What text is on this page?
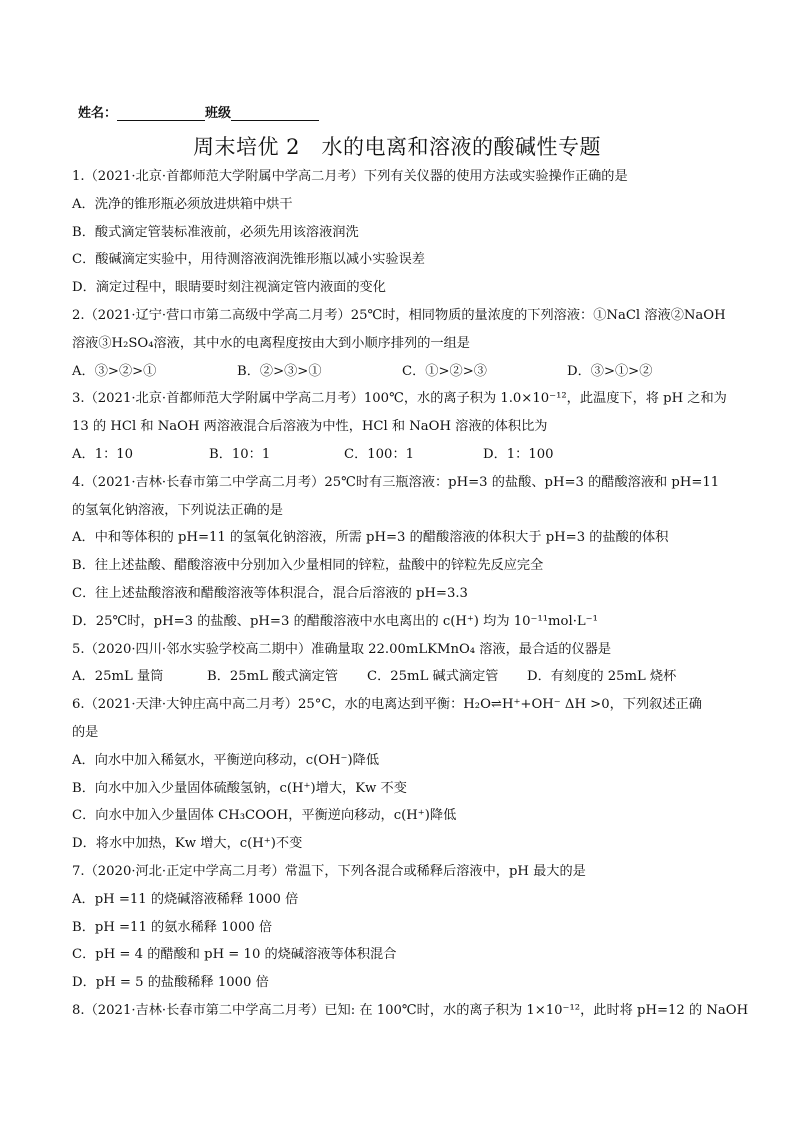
姓名：	班级
周末培优 2　水的电离和溶液的酸碱性专题
1.（2021·北京·首都师范大学附属中学高二月考）下列有关仪器的使用方法或实验操作正确的是
A．洗净的锥形瓶必须放进烘箱中烘干
B．酸式滴定管装标准液前，必须先用该溶液润洗
C．酸碱滴定实验中，用待测溶液润洗锥形瓶以减小实验误差
D．滴定过程中，眼睛要时刻注视滴定管内液面的变化
2.（2021·辽宁·营口市第二高级中学高二月考）25℃时，相同物质的量浓度的下列溶液：①NaCl 溶液②NaOH
溶液③H₂SO₄溶液，其中水的电离程度按由大到小顺序排列的一组是
A．③>②>①	B．②>③>①	C．①>②>③	D．③>①>②
3.（2021·北京·首都师范大学附属中学高二月考）100℃，水的离子积为 1.0×10⁻¹²，此温度下，将 pH 之和为
13 的 HCl 和 NaOH 两溶液混合后溶液为中性，HCl 和 NaOH 溶液的体积比为
A．1：10	B．10：1	C．100：1	D．1：100
4.（2021·吉林·长春市第二中学高二月考）25℃时有三瓶溶液：pH=3 的盐酸、pH=3 的醋酸溶液和 pH=11
的氢氧化钠溶液，下列说法正确的是
A．中和等体积的 pH=11 的氢氧化钠溶液，所需 pH=3 的醋酸溶液的体积大于 pH=3 的盐酸的体积
B．往上述盐酸、醋酸溶液中分别加入少量相同的锌粒，盐酸中的锌粒先反应完全
C．往上述盐酸溶液和醋酸溶液等体积混合，混合后溶液的 pH=3.3
D．25℃时，pH=3 的盐酸、pH=3 的醋酸溶液中水电离出的 c(H⁺) 均为 10⁻¹¹mol·L⁻¹
5.（2020·四川·邻水实验学校高二期中）准确量取 22.00mLKMnO₄ 溶液，最合适的仪器是
A．25mL 量筒	B．25mL 酸式滴定管	C．25mL 碱式滴定管	D．有刻度的 25mL 烧杯
6.（2021·天津·大钟庄高中高二月考）25°C，水的电离达到平衡：H₂O⇌H⁺+OH⁻ ΔH >0，下列叙述正确
的是
A．向水中加入稀氨水，平衡逆向移动，c(OH⁻)降低
B．向水中加入少量固体硫酸氢钠，c(H⁺)增大，Kw 不变
C．向水中加入少量固体 CH₃COOH，平衡逆向移动，c(H⁺)降低
D．将水中加热，Kw 增大，c(H⁺)不变
7.（2020·河北·正定中学高二月考）常温下，下列各混合或稀释后溶液中，pH 最大的是
A．pH =11 的烧碱溶液稀释 1000 倍
B．pH =11 的氨水稀释 1000 倍
C．pH = 4 的醋酸和 pH = 10 的烧碱溶液等体积混合
D．pH = 5 的盐酸稀释 1000 倍
8.（2021·吉林·长春市第二中学高二月考）已知: 在 100℃时，水的离子积为 1×10⁻¹²，此时将 pH=12 的 NaOH
